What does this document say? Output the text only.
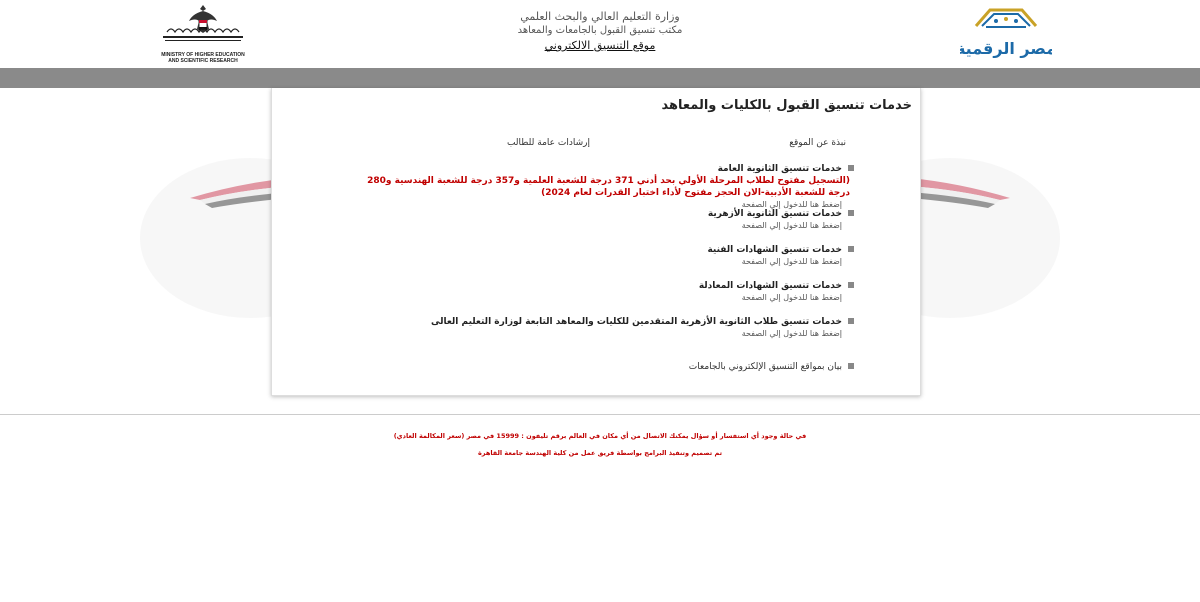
MINISTRY OF HIGHER EDUCATION
AND SCIENTIFIC RESEARCH
وزارة التعليم العالي والبحث العلمي
مكتب تنسيق القبول بالجامعات والمعاهد
موقع التنسيق الالكتروني	مصر الرقمية
خدمات تنسيق القبول بالكليات والمعاهد
نبذة عن الموقع
إرشادات عامة للطالب
خدمات تنسيق الثانوية العامة
(التسجيل مفتوح لطلاب المرحلة الأولي بحد أدني 371 درجة للشعبة العلمية و357 درجة للشعبة الهندسية و280 درجة للشعبة الأدبية-الان الحجز مفتوح لأداء اختبار القدرات لعام 2024)
إضغط هنا للدخول إلي الصفحة
خدمات تنسيق الثانوية الأزهرية
إضغط هنا للدخول إلي الصفحة
خدمات تنسيق الشهادات الفنية
إضغط هنا للدخول إلي الصفحة
خدمات تنسيق الشهادات المعادلة
إضغط هنا للدخول إلي الصفحة
خدمات تنسيق طلاب الثانوية الأزهرية المتقدمين للكليات والمعاهد التابعة لوزارة التعليم العالى
إضغط هنا للدخول إلي الصفحة
بيان بمواقع التنسيق الإلكتروني بالجامعات
في حالة وجود أي استفسار أو سؤال يمكنك الاتصال من أي مكان في العالم برقم تليفون : 15999 في مصر (سعر المكالمة العادي)
تم تصميم وتنفيذ البرامج بواسطة فريق عمل من كلية الهندسة جامعة القاهرة
